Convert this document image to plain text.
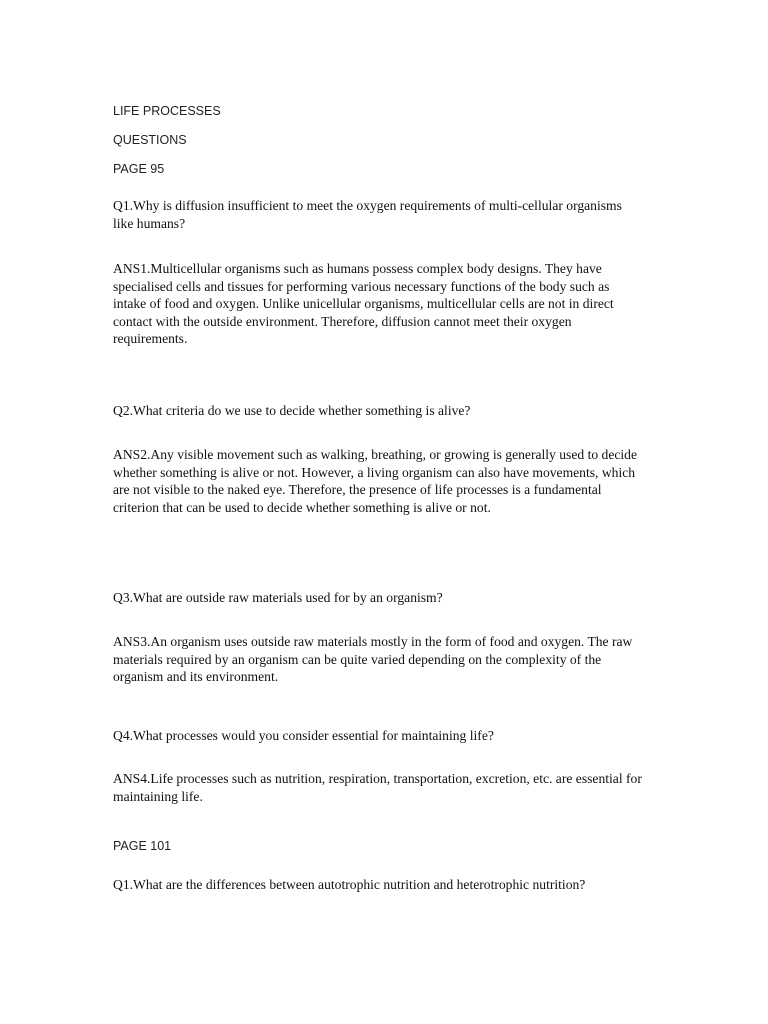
LIFE PROCESSES
QUESTIONS
PAGE 95
Q1.Why is diffusion insufficient to meet the oxygen requirements of multi-cellular organisms like humans?
ANS1.Multicellular organisms such as humans possess complex body designs. They have specialised cells and tissues for performing various necessary functions of the body such as intake of food and oxygen. Unlike unicellular organisms, multicellular cells are not in direct contact with the outside environment. Therefore, diffusion cannot meet their oxygen requirements.
Q2.What criteria do we use to decide whether something is alive?
ANS2.Any visible movement such as walking, breathing, or growing is generally used to decide whether something is alive or not. However, a living organism can also have movements, which are not visible to the naked eye. Therefore, the presence of life processes is a fundamental criterion that can be used to decide whether something is alive or not.
Q3.What are outside raw materials used for by an organism?
ANS3.An organism uses outside raw materials mostly in the form of food and oxygen. The raw materials required by an organism can be quite varied depending on the complexity of the organism and its environment.
Q4.What processes would you consider essential for maintaining life?
ANS4.Life processes such as nutrition, respiration, transportation, excretion, etc. are essential for maintaining life.
PAGE 101
Q1.What are the differences between autotrophic nutrition and heterotrophic nutrition?
